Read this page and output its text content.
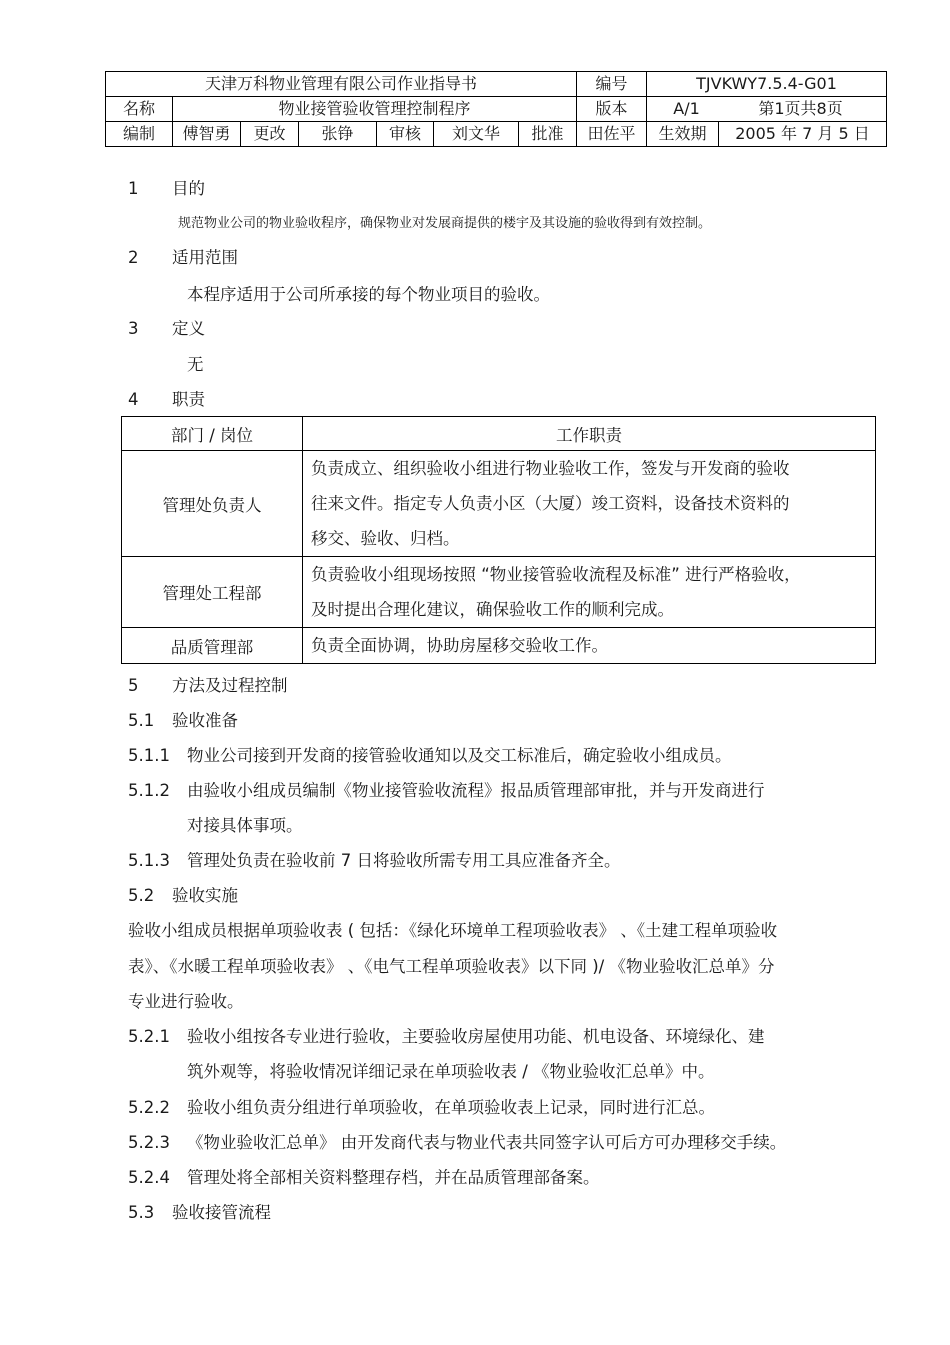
天津万科物业管理有限公司作业指导书							编号	TJVKWY7.5.4-G01	
名称	物业接管验收管理控制程序						版本	A/1 第1页共8页	
编制	傅智勇	更改	张铮	审核	刘文华	批准	田佐平	生效期	2005 年 7 月 5 日
1 目的
规范物业公司的物业验收程序，确保物业对发展商提供的楼宇及其设施的验收得到有效控制。
2 适用范围
本程序适用于公司所承接的每个物业项目的验收。
3 定义
无
4 职责
部门 / 岗位	工作职责
管理处负责人	负责成立、组织验收小组进行物业验收工作，签发与开发商的验收
往来文件。指定专人负责小区（大厦）竣工资料，设备技术资料的
移交、验收、归档。

管理处工程部	负责验收小组现场按照 “物业接管验收流程及标准” 进行严格验收，
及时提出合理化建议，确保验收工作的顺利完成。

品质管理部	负责全面协调，协助房屋移交验收工作。
5 方法及过程控制
5.1 验收准备
5.1.1 物业公司接到开发商的接管验收通知以及交工标准后，确定验收小组成员。
5.1.2 由验收小组成员编制《物业接管验收流程》报品质管理部审批，并与开发商进行
对接具体事项。
5.1.3 管理处负责在验收前 7 日将验收所需专用工具应准备齐全。
5.2 验收实施
验收小组成员根据单项验收表 ( 包括：《绿化环境单工程项验收表》 、《土建工程单项验收
表》、《水暖工程单项验收表》 、《电气工程单项验收表》以下同 )/ 《物业验收汇总单》分
专业进行验收。
5.2.1 验收小组按各专业进行验收，主要验收房屋使用功能、机电设备、环境绿化、建
筑外观等，将验收情况详细记录在单项验收表 / 《物业验收汇总单》中。
5.2.2 验收小组负责分组进行单项验收，在单项验收表上记录，同时进行汇总。
5.2.3 《物业验收汇总单》 由开发商代表与物业代表共同签字认可后方可办理移交手续。
5.2.4 管理处将全部相关资料整理存档，并在品质管理部备案。
5.3 验收接管流程
